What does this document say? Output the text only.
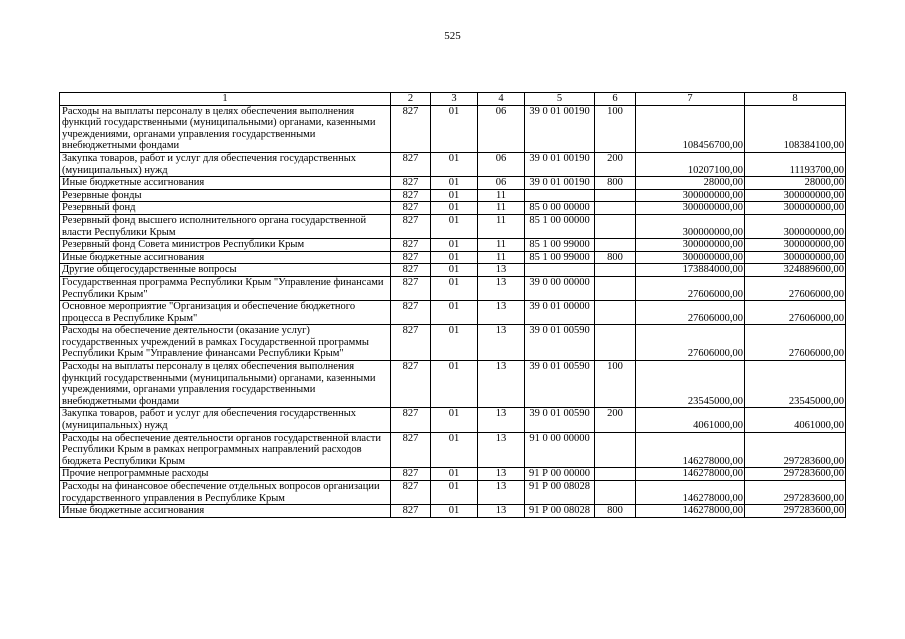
525
1	2	3	4	5	6	7	8
Расходы на выплаты персоналу в целях обеспечения выполнения функций государственными (муниципальными) органами, казенными учреждениями, органами управления государственными внебюджетными фондами	827	01	06	39 0 01 00190	100	108456700,00	108384100,00
Закупка товаров, работ и услуг для обеспечения государственных (муниципальных) нужд	827	01	06	39 0 01 00190	200	10207100,00	11193700,00
Иные бюджетные ассигнования	827	01	06	39 0 01 00190	800	28000,00	28000,00
Резервные фонды	827	01	11			300000000,00	300000000,00
Резервный фонд	827	01	11	85 0 00 00000		300000000,00	300000000,00
Резервный фонд высшего исполнительного органа государственной власти Республики Крым	827	01	11	85 1 00 00000		300000000,00	300000000,00
Резервный фонд Совета министров Республики Крым	827	01	11	85 1 00 99000		300000000,00	300000000,00
Иные бюджетные ассигнования	827	01	11	85 1 00 99000	800	300000000,00	300000000,00
Другие общегосударственные вопросы	827	01	13			173884000,00	324889600,00
Государственная программа Республики Крым "Управление финансами Республики Крым"	827	01	13	39 0 00 00000		27606000,00	27606000,00
Основное мероприятие "Организация и обеспечение бюджетного процесса в Республике Крым"	827	01	13	39 0 01 00000		27606000,00	27606000,00
Расходы на обеспечение деятельности (оказание услуг) государственных учреждений в рамках Государственной программы Республики Крым "Управление финансами Республики Крым"	827	01	13	39 0 01 00590		27606000,00	27606000,00
Расходы на выплаты персоналу в целях обеспечения выполнения функций государственными (муниципальными) органами, казенными учреждениями, органами управления государственными внебюджетными фондами	827	01	13	39 0 01 00590	100	23545000,00	23545000,00
Закупка товаров, работ и услуг для обеспечения государственных (муниципальных) нужд	827	01	13	39 0 01 00590	200	4061000,00	4061000,00
Расходы на обеспечение деятельности органов государственной власти Республики Крым в рамках непрограммных направлений расходов бюджета Республики Крым	827	01	13	91 0 00 00000		146278000,00	297283600,00
Прочие непрограммные расходы	827	01	13	91 Р 00 00000		146278000,00	297283600,00
Расходы на финансовое обеспечение отдельных вопросов организации государственного управления в Республике Крым	827	01	13	91 Р 00 08028		146278000,00	297283600,00
Иные бюджетные ассигнования	827	01	13	91 Р 00 08028	800	146278000,00	297283600,00
